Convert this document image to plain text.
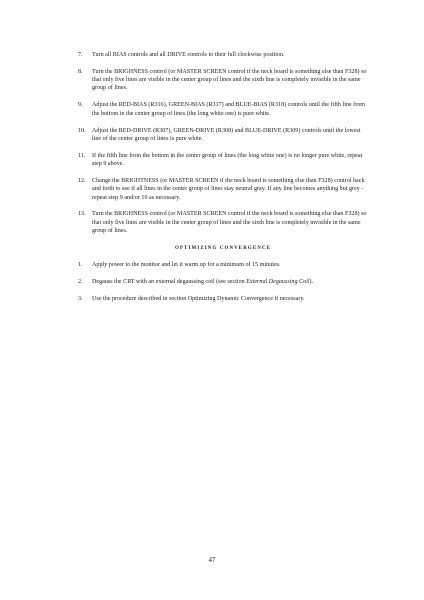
7.	Turn all BIAS controls and all DRIVE controls to their full clockwise position.
8.	Turn the BRIGHNESS control (or MASTER SCREEN control if the neck board is something else than F328) so that only five lines are visible in the center group of lines and the sixth line is completely invisible in the same group of lines.
9.	Adjust the RED-BIAS (R316), GREEN-BIAS (R317) and BLUE-BIAS (R318) controls until the fifth line from the bottom in the center group of lines (the long white one) is pure white.
10.	Adjust the RED-DRIVE (R307), GREEN-DRIVE (R308) and BLUE-DRIVE (R309) controls until the lowest line of the center group of lines is pure white.
11.	If the fifth line from the bottom in the center group of lines (the long white one) is no longer pure white, repeat step 9 above.
12.	Change the BRIGHTNESS (or MASTER SCREEN if the neck board is something else than F328) control back and forth to see if all lines in the center group of lines stay neutral gray. If any line becomes anything but grey - repeat step 9 and/or 10 as necessary.
13.	Turn the BRIGHNESS control (or MASTER SCREEN control if the neck board is something else than F328) so that only five lines are visible in the center group of lines and the sixth line is completely invisible in the same group of lines.
OPTIMIZING CONVERGENCE
1.	Apply power to the monitor and let it warm up for a minimum of 15 minutes.
2.	Degauss the CRT with an external degaussing coil (see section External Degaussing Coil).
3.	Use the procedure described in section Optimizing Dynamic Convergence if necessary.
47
